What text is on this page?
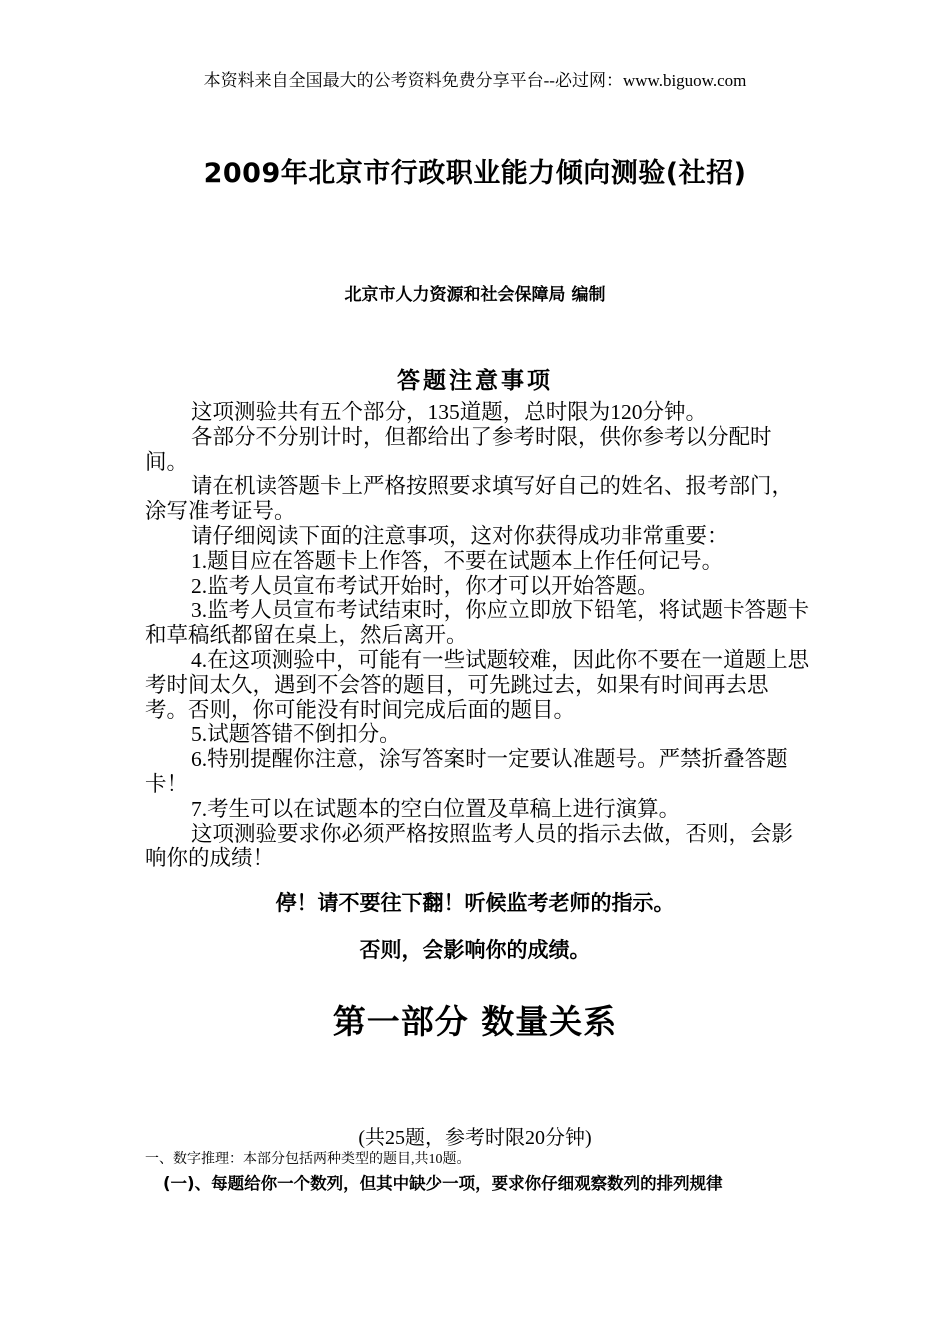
本资料来自全国最大的公考资料免费分享平台--必过网：www.biguow.com
2009年北京市行政职业能力倾向测验(社招)
北京市人力资源和社会保障局 编制
答题注意事项

这项测验共有五个部分，135道题，总时限为120分钟。

各部分不分别计时，但都给出了参考时限，供你参考以分配时间。

请在机读答题卡上严格按照要求填写好自己的姓名、报考部门，涂写准考证号。

请仔细阅读下面的注意事项，这对你获得成功非常重要：

1.题目应在答题卡上作答，不要在试题本上作任何记号。

2.监考人员宣布考试开始时，你才可以开始答题。

3.监考人员宣布考试结束时，你应立即放下铅笔，将试题卡答题卡和草稿纸都留在桌上，然后离开。

4.在这项测验中，可能有一些试题较难，因此你不要在一道题上思考时间太久，遇到不会答的题目，可先跳过去，如果有时间再去思考。否则，你可能没有时间完成后面的题目。

5.试题答错不倒扣分。

6.特别提醒你注意，涂写答案时一定要认准题号。严禁折叠答题卡！

7.考生可以在试题本的空白位置及草稿上进行演算。

这项测验要求你必须严格按照监考人员的指示去做，否则，会影响你的成绩！

停！请不要往下翻！听候监考老师的指示。
否则，会影响你的成绩。
第一部分 数量关系
(共25题，参考时限20分钟)
一、数字推理：本部分包括两种类型的题目,共10题。
(一)、每题给你一个数列，但其中缺少一项，要求你仔细观察数列的排列规律
